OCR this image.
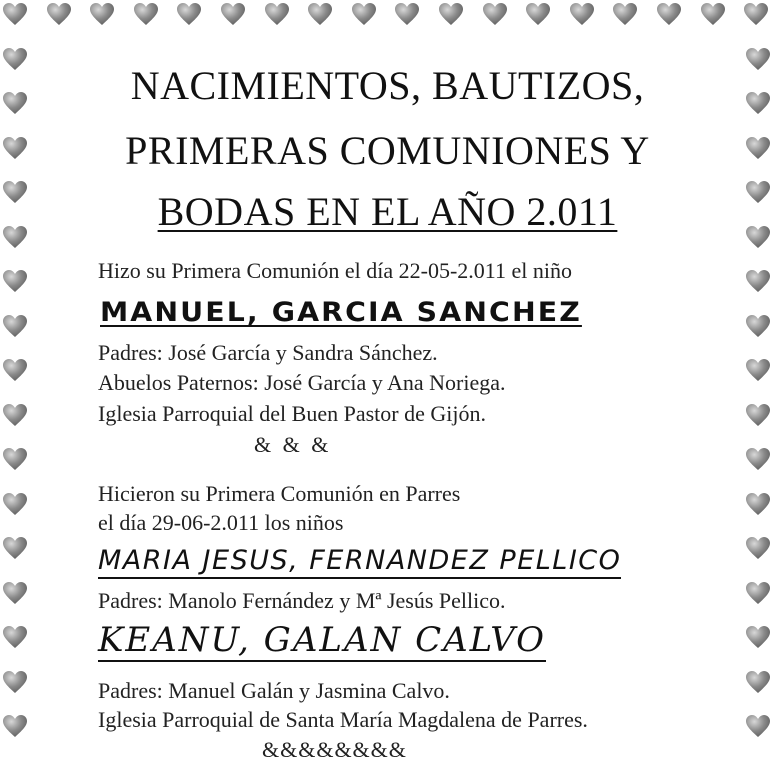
NACIMIENTOS, BAUTIZOS,
PRIMERAS COMUNIONES Y
BODAS EN EL AÑO 2.011
Hizo su Primera Comunión el día 22-05-2.011 el niño
MANUEL, GARCIA SANCHEZ
Padres: José García y Sandra Sánchez.
Abuelos Paternos: José García y Ana Noriega.
Iglesia Parroquial del Buen Pastor de Gijón.
& & &
Hicieron su Primera Comunión en Parres
el día 29-06-2.011 los niños
MARIA JESUS, FERNANDEZ PELLICO
Padres: Manolo Fernández y Mª Jesús Pellico.
KEANU, GALAN CALVO
Padres: Manuel Galán y Jasmina Calvo.
Iglesia Parroquial de Santa María Magdalena de Parres.
&&&&&&&&
